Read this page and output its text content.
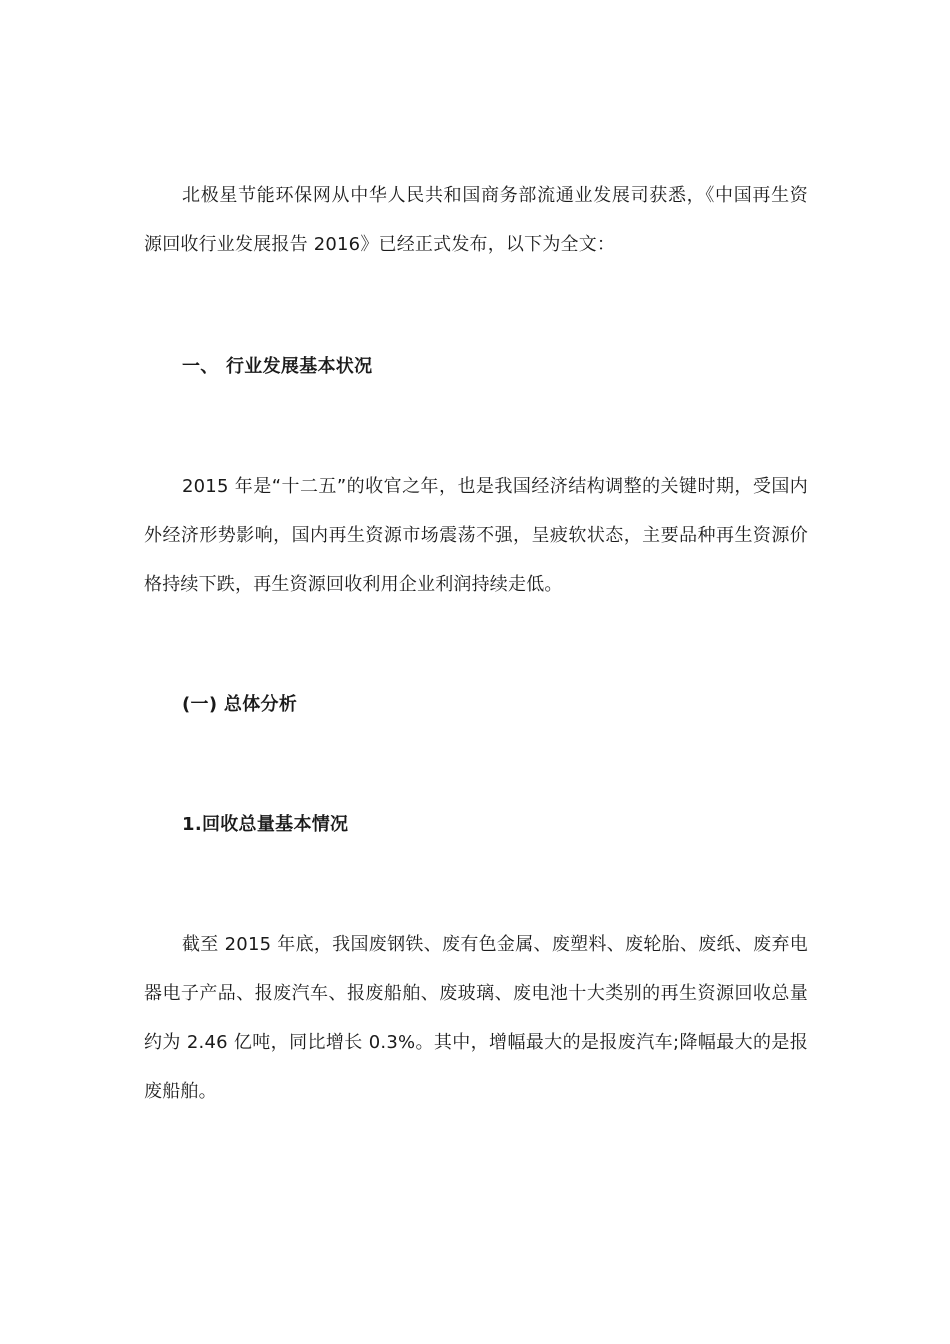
北极星节能环保网从中华人民共和国商务部流通业发展司获悉，《中国再生资源回收行业发展报告 2016》已经正式发布，以下为全文：

一、 行业发展基本状况

2015 年是“十二五”的收官之年，也是我国经济结构调整的关键时期，受国内外经济形势影响，国内再生资源市场震荡不强，呈疲软状态，主要品种再生资源价格持续下跌，再生资源回收利用企业利润持续走低。

(一) 总体分析
1.回收总量基本情况

截至 2015 年底，我国废钢铁、废有色金属、废塑料、废轮胎、废纸、废弃电器电子产品、报废汽车、报废船舶、废玻璃、废电池十大类别的再生资源回收总量约为 2.46 亿吨，同比增长 0.3%。其中，增幅最大的是报废汽车;降幅最大的是报废船舶。
